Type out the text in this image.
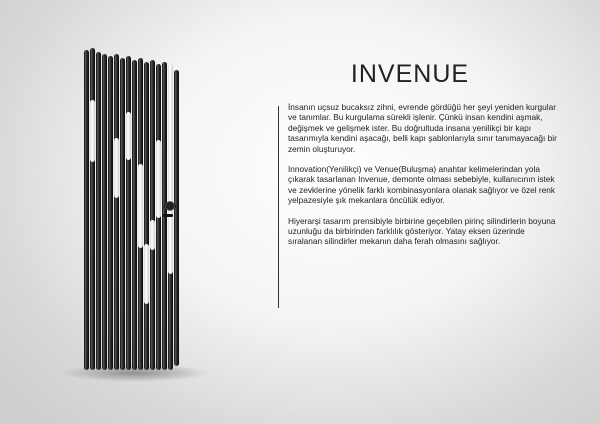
INVENUE

İnsanın uçsuz bucaksız zihni, evrende gördüğü her şeyi yeniden kurgular ve tanımlar. Bu kurgulama sürekli işlenir. Çünkü insan kendini aşmak, değişmek ve gelişmek ister. Bu doğrultuda insana yenilikçi bir kapı tasarımıyla kendini aşacağı, belli kapı şablonlarıyla sınır tanımayacağı bir zemin oluşturuyor.

Innovation(Yenilikçi) ve Venue(Buluşma) anahtar kelimelerindan yola çıkarak tasarlanan Invenue, demonte olması sebebiyle, kullanıcının istek ve zevklerine yönelik farklı kombinasyonlara olanak sağlıyor ve özel renk yelpazesiyle şık mekanlara öncülük ediyor.

Hiyerarşi tasarım prensibiyle birbirine geçebilen pirinç silindirlerin boyuna uzunluğu da birbirinden farklılık gösteriyor. Yatay eksen üzerinde sıralanan silindirler mekanın daha ferah olmasını sağlıyor.
